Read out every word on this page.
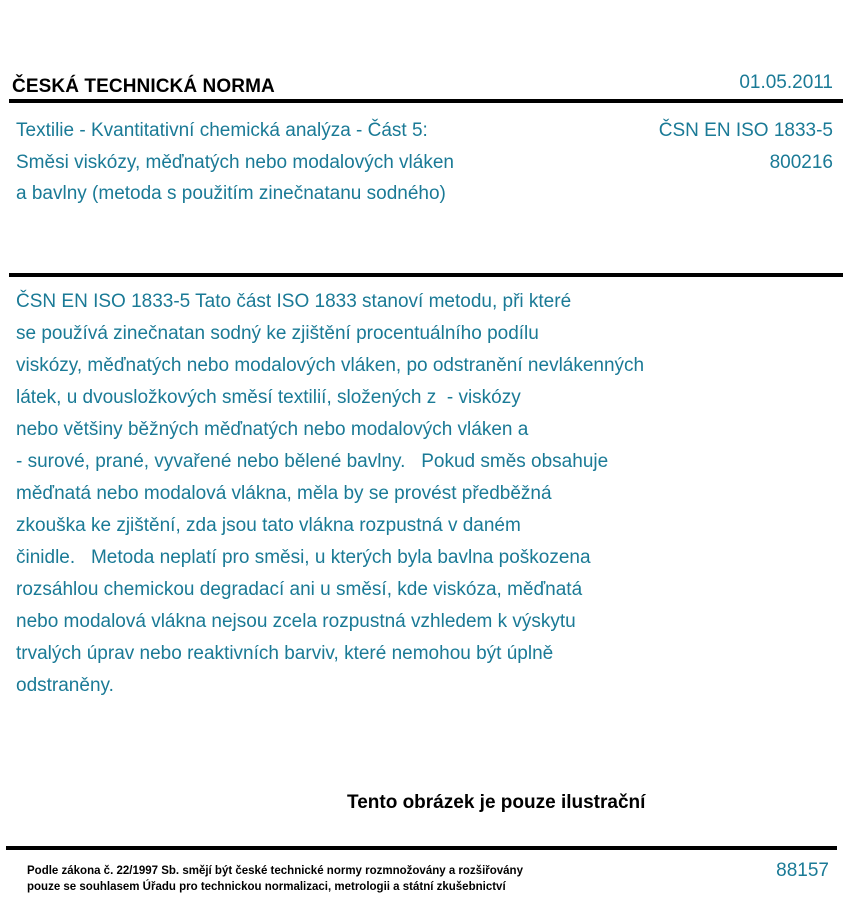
ČESKÁ TECHNICKÁ NORMA	01.05.2011
Textilie - Kvantitativní chemická analýza - Část 5:
Směsi viskózy, měďnatých nebo modalových vláken
a bavlny (metoda s použitím zinečnatanu sodného)
ČSN EN ISO 1833-5
800216
ČSN EN ISO 1833-5 Tato část ISO 1833 stanoví metodu, při které
se používá zinečnatan sodný ke zjištění procentuálního podílu
viskózy, měďnatých nebo modalových vláken, po odstranění nevlákenných
látek, u dvousložkových směsí textilií, složených z  - viskózy
nebo většiny běžných měďnatých nebo modalových vláken a
- surové, prané, vyvařené nebo bělené bavlny.   Pokud směs obsahuje
měďnatá nebo modalová vlákna, měla by se provést předběžná
zkouška ke zjištění, zda jsou tato vlákna rozpustná v daném
činidle.   Metoda neplatí pro směsi, u kterých byla bavlna poškozena
rozsáhlou chemickou degradací ani u směsí, kde viskóza, měďnatá
nebo modalová vlákna nejsou zcela rozpustná vzhledem k výskytu
trvalých úprav nebo reaktivních barviv, které nemohou být úplně
odstraněny.
Tento obrázek je pouze ilustrační
Podle zákona č. 22/1997 Sb. smějí být české technické normy rozmnožovány a rozšiřovány
pouze se souhlasem Úřadu pro technickou normalizaci, metrologii a státní zkušebnictví
88157
